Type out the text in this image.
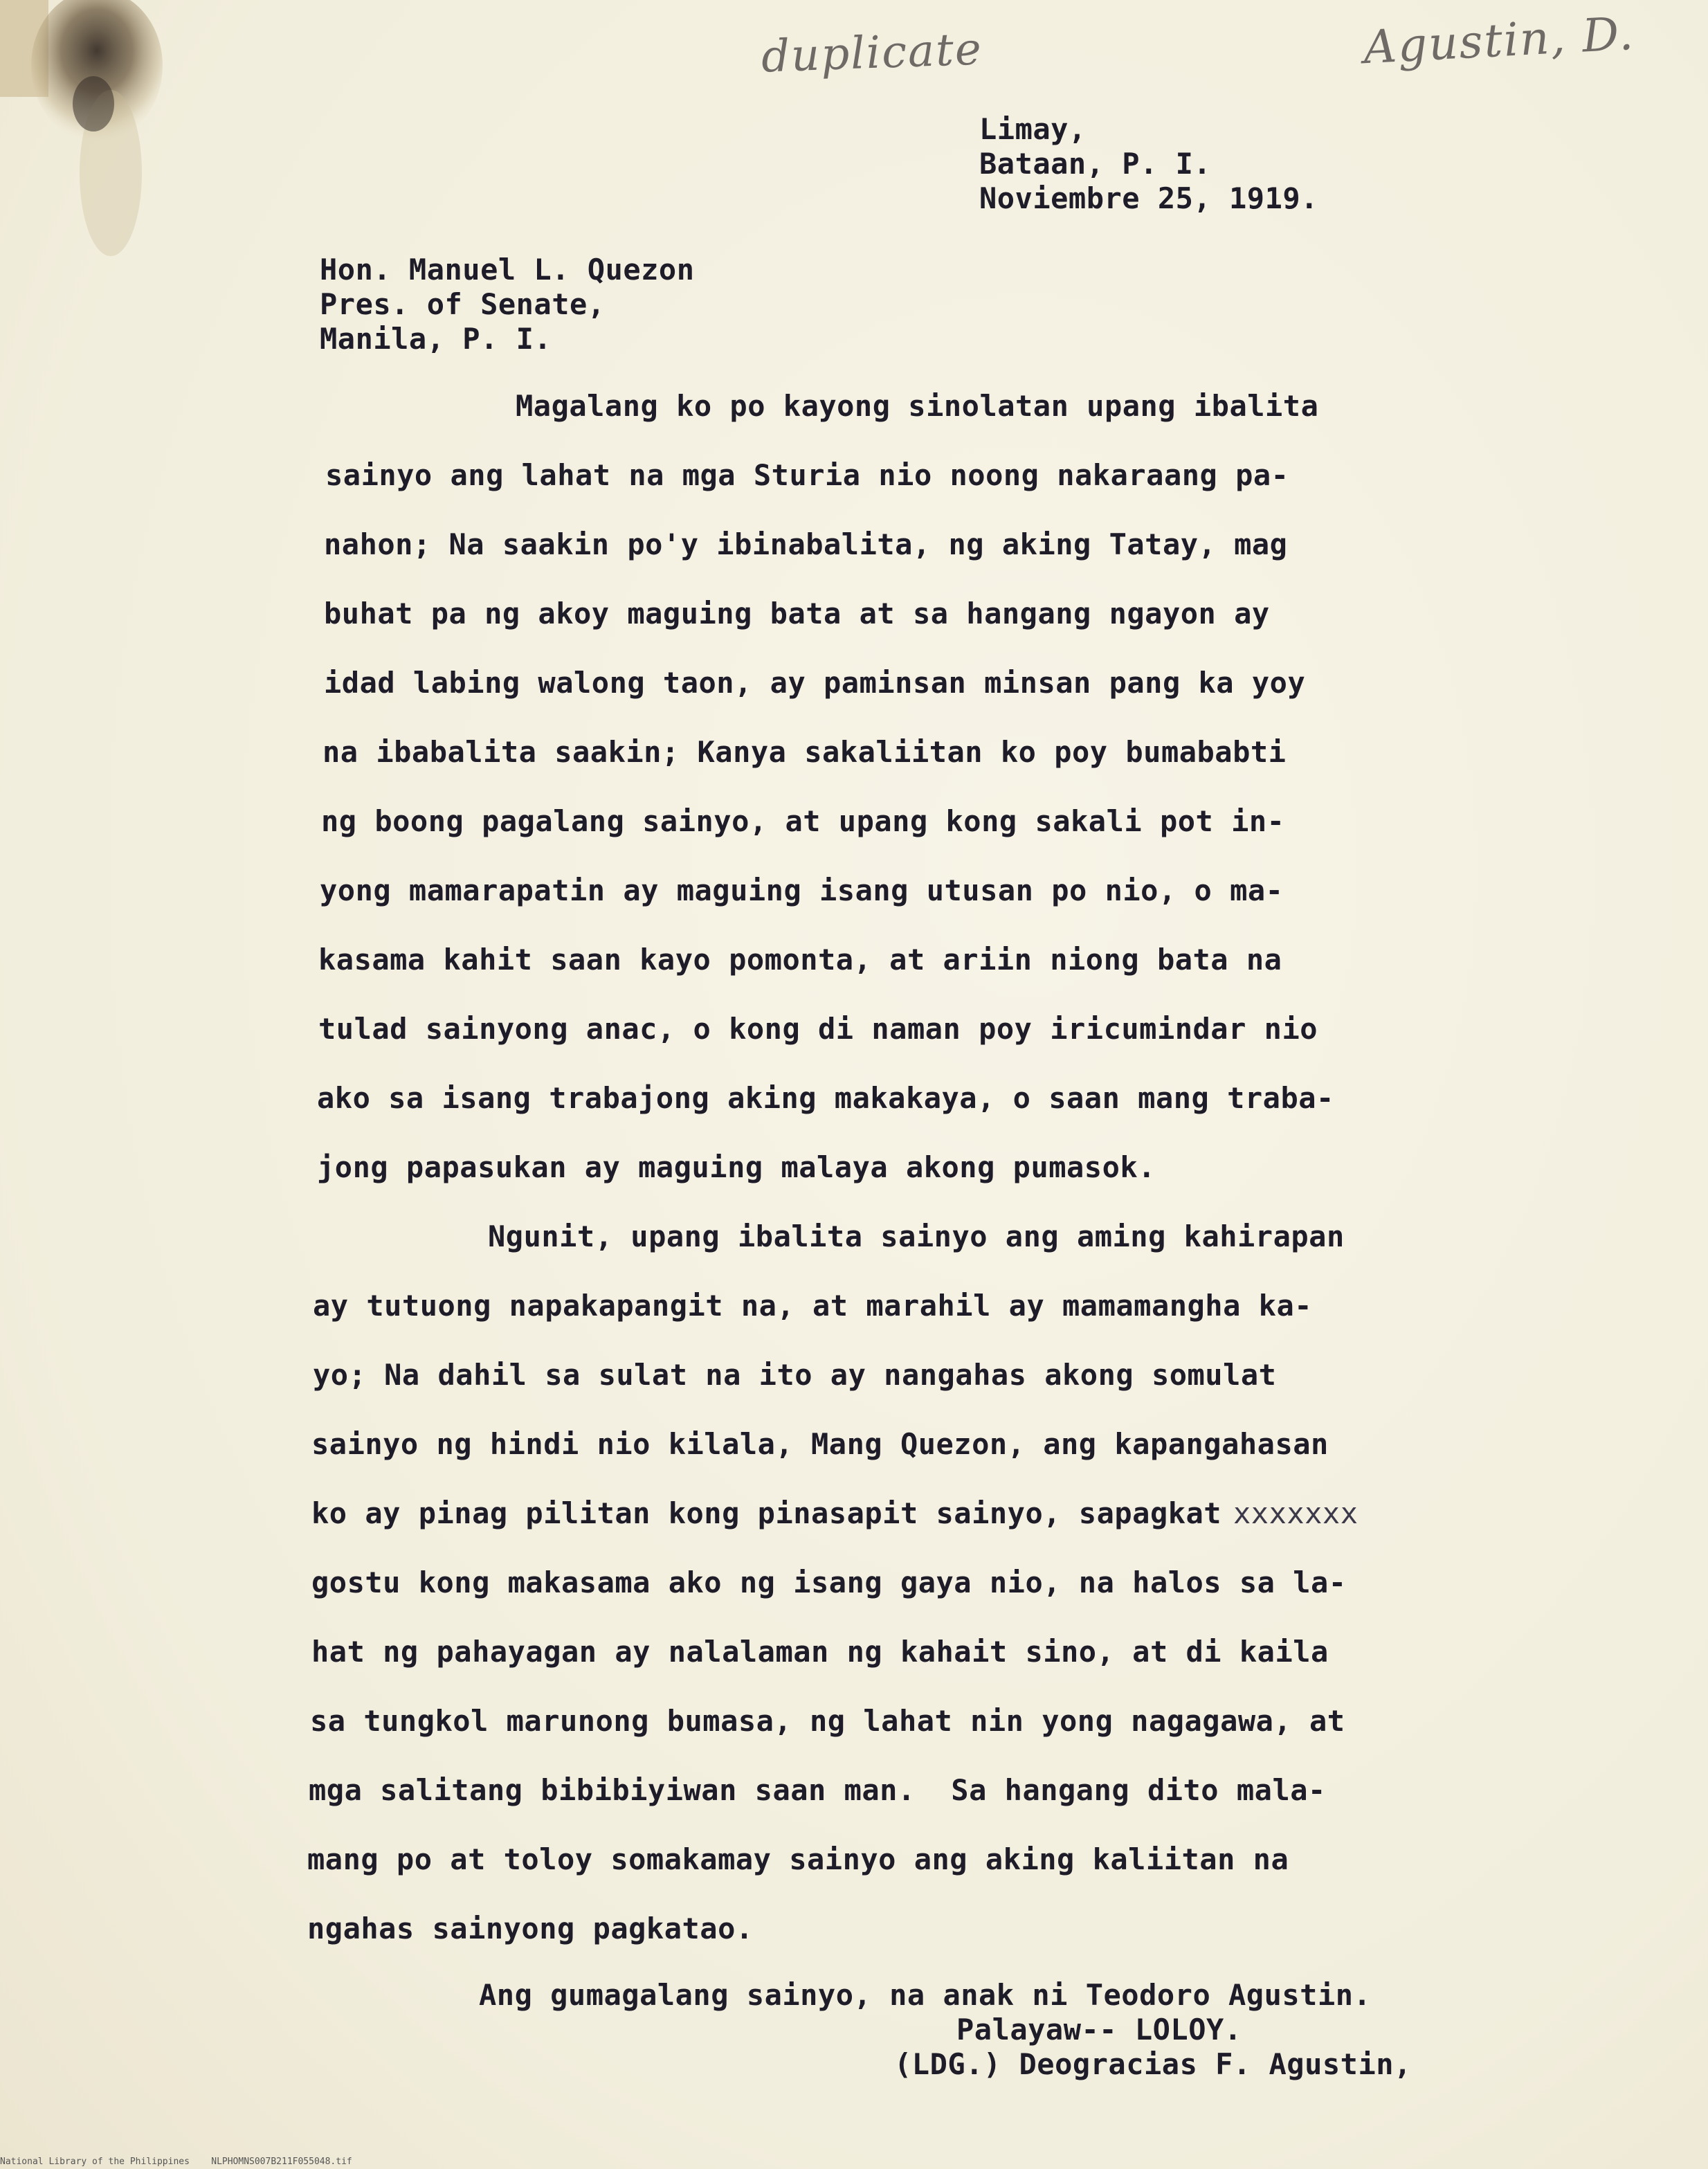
duplicate	Agustin, D.

Limay,

Bataan, P. I.

Noviembre 25, 1919.

Hon. Manuel L. Quezon

Pres. of Senate,

Manila, P. I.

Magalang ko po kayong sinolatan upang ibalita

sainyo ang lahat na mga Sturia nio noong nakaraang pa-

nahon; Na saakin po'y ibinabalita, ng aking Tatay, mag

buhat pa ng akoy maguing bata at sa hangang ngayon ay

idad labing walong taon, ay paminsan minsan pang ka yoy

na ibabalita saakin; Kanya sakaliitan ko poy bumababti

ng boong pagalang sainyo, at upang kong sakali pot in-

yong mamarapatin ay maguing isang utusan po nio, o ma-

kasama kahit saan kayo pomonta, at ariin niong bata na

tulad sainyong anac, o kong di naman poy iricumindar nio

ako sa isang trabajong aking makakaya, o saan mang traba-

jong papasukan ay maguing malaya akong pumasok.

Ngunit, upang ibalita sainyo ang aming kahirapan

ay tutuong napakapangit na, at marahil ay mamamangha ka-

yo; Na dahil sa sulat na ito ay nangahas akong somulat

sainyo ng hindi nio kilala, Mang Quezon, ang kapangahasan

ko ay pinag pilitan kong pinasapit sainyo, sapagkat

xxxxxxx

gostu kong makasama ako ng isang gaya nio, na halos sa la-

hat ng pahayagan ay nalalaman ng kahait sino, at di kaila

sa tungkol marunong bumasa, ng lahat nin yong nagagawa, at

mga salitang bibibiyiwan saan man.  Sa hangang dito mala-

mang po at toloy somakamay sainyo ang aking kaliitan na

ngahas sainyong pagkatao.

Ang gumagalang sainyo, na anak ni Teodoro Agustin.

Palayaw-- LOLOY.

(LDG.) Deogracias F. Agustin,

National Library of the Philippines    NLPHOMNS007B211F055048.tif
